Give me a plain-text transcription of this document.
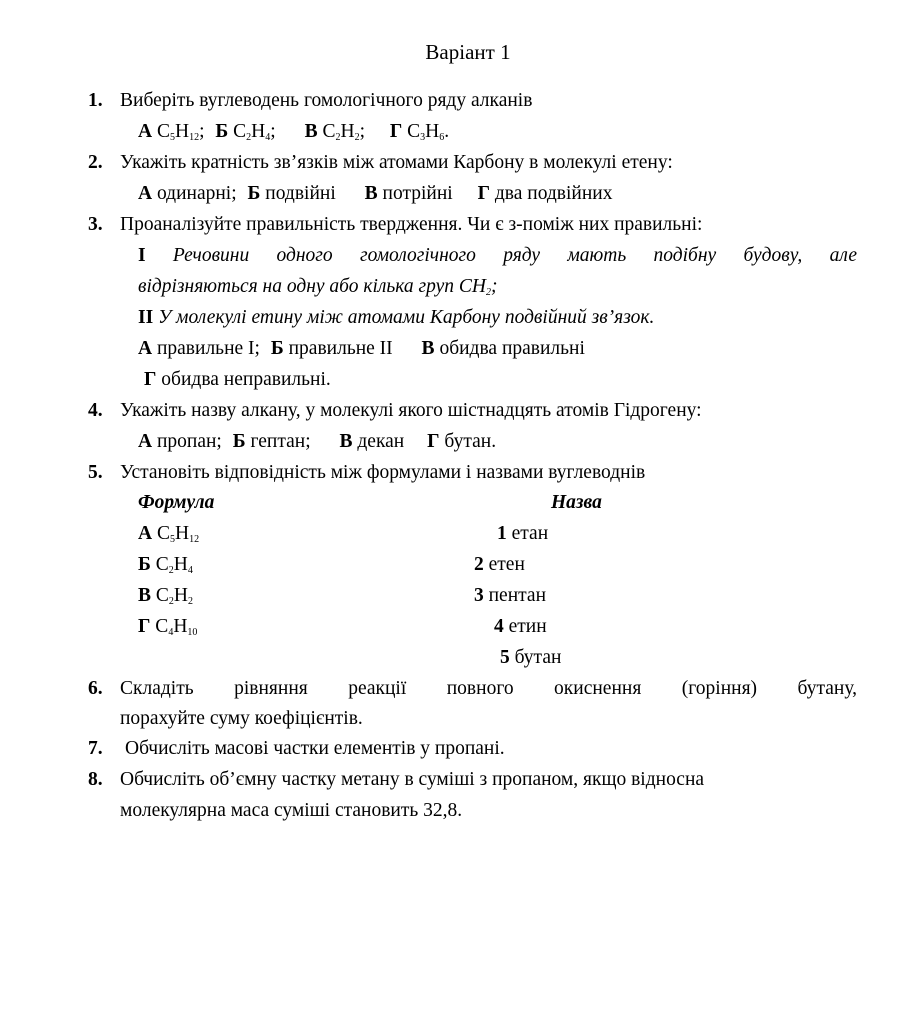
Варіант 1
1. Виберіть вуглеводень гомологічного ряду алканів
А $C_5H_{12}$; Б $C_2H_4$; В $C_2H_2$; Г $C_3H_6$.
2. Укажіть кратність зв’язків між атомами Карбону в молекулі етену:
А одинарні; Б подвійні В потрійні Г два подвійних
3. Проаналізуйте правильність твердження. Чи є з-поміж них правильні:
І Речовини одного гомологічного ряду мають подібну будову, але
відрізняються на одну або кілька груп $CH_2$;
ІІ У молекулі етину між атомами Карбону подвійний зв’язок.
А правильне І; Б правильне ІІ В обидва правильні
Г обидва неправильні.
4. Укажіть назву алкану, у молекулі якого шістнадцять атомів Гідрогену:
А пропан; Б гептан; В декан Г бутан.
5. Установіть відповідність між формулами і назвами вуглеводнів
Формула	Назва
А $C_5H_{12}$
Б $C_2H_4$
В $C_2H_2$
Г $C_4H_{10}$
1 етан
2 етен
3 пентан
4 етин
5 бутан
6. Складіть рівняння реакції повного окиснення (горіння) бутану,
порахуйте суму коефіцієнтів.
7. Обчисліть масові частки елементів у пропані.
8. Обчисліть об’ємну частку метану в суміші з пропаном, якщо відносна
молекулярна маса суміші становить 32,8.
